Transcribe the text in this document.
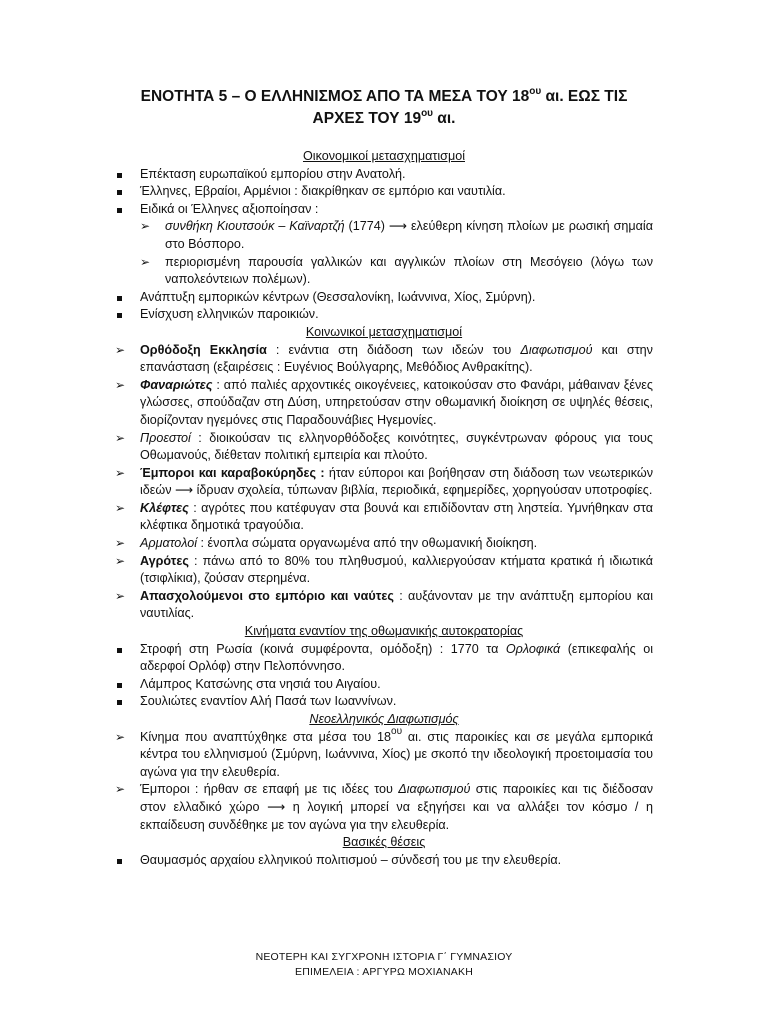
ΕΝΟΤΗΤΑ 5 – Ο ΕΛΛΗΝΙΣΜΟΣ ΑΠΟ ΤΑ ΜΕΣΑ ΤΟΥ $18^{o\upsilon}$ αι. ΕΩΣ ΤΙΣ
ΑΡΧΕΣ ΤΟΥ $19^{o\upsilon}$ αι.
Οικονομικοί μετασχηματισμοί
Επέκταση ευρωπαϊκού εμπορίου στην Ανατολή.
Έλληνες, Εβραίοι, Αρμένιοι : διακρίθηκαν σε εμπόριο και ναυτιλία.
Ειδικά οι Έλληνες αξιοποίησαν :
➢	συνθήκη Κιουτσούκ – Καϊναρτζή (1774) ⟶ ελεύθερη κίνηση πλοίων με ρωσική σημαία στο Βόσπορο.
➢	περιορισμένη παρουσία γαλλικών και αγγλικών πλοίων στη Μεσόγειο (λόγω των ναπολεόντειων πολέμων).
Ανάπτυξη εμπορικών κέντρων (Θεσσαλονίκη, Ιωάννινα, Χίος, Σμύρνη).
Ενίσχυση ελληνικών παροικιών.
Κοινωνικοί μετασχηματισμοί
➢	Ορθόδοξη Εκκλησία : ενάντια στη διάδοση των ιδεών του Διαφωτισμού και στην επανάσταση (εξαιρέσεις : Ευγένιος Βούλγαρης, Μεθόδιος Ανθρακίτης).
➢	Φαναριώτες : από παλιές αρχοντικές οικογένειες, κατοικούσαν στο Φανάρι, μάθαιναν ξένες γλώσσες, σπούδαζαν στη Δύση, υπηρετούσαν στην οθωμανική διοίκηση σε υψηλές θέσεις, διορίζονταν ηγεμόνες στις Παραδουνάβιες Ηγεμονίες.
➢	Προεστοί : διοικούσαν τις ελληνορθόδοξες κοινότητες, συγκέντρωναν φόρους για τους Οθωμανούς, διέθεταν πολιτική εμπειρία και πλούτο.
➢	Έμποροι και καραβοκύρηδες : ήταν εύποροι και βοήθησαν στη διάδοση των νεωτερικών ιδεών ⟶ ίδρυαν σχολεία, τύπωναν βιβλία, περιοδικά, εφημερίδες, χορηγούσαν υποτροφίες.
➢	Κλέφτες : αγρότες που κατέφυγαν στα βουνά και επιδίδονταν στη ληστεία. Υμνήθηκαν στα κλέφτικα δημοτικά τραγούδια.
➢	Αρματολοί : ένοπλα σώματα οργανωμένα από την οθωμανική διοίκηση.
➢	Αγρότες : πάνω από το 80% του πληθυσμού, καλλιεργούσαν κτήματα κρατικά ή ιδιωτικά (τσιφλίκια), ζούσαν στερημένα.
➢	Απασχολούμενοι στο εμπόριο και ναύτες : αυξάνονταν με την ανάπτυξη εμπορίου και ναυτιλίας.
Κινήματα εναντίον της οθωμανικής αυτοκρατορίας
Στροφή στη Ρωσία (κοινά συμφέροντα, ομόδοξη) : 1770 τα Ορλοφικά (επικεφαλής οι αδερφοί Ορλόφ) στην Πελοπόννησο.
Λάμπρος Κατσώνης στα νησιά του Αιγαίου.
Σουλιώτες εναντίον Αλή Πασά των Ιωαννίνων.
Νεοελληνικός Διαφωτισμός
➢	Κίνημα που αναπτύχθηκε στα μέσα του $18^{o\upsilon}$ αι. στις παροικίες και σε μεγάλα εμπορικά κέντρα του ελληνισμού (Σμύρνη, Ιωάννινα, Χίος) με σκοπό την ιδεολογική προετοιμασία του αγώνα για την ελευθερία.
➢	Έμποροι : ήρθαν σε επαφή με τις ιδέες του Διαφωτισμού στις παροικίες και τις διέδοσαν στον ελλαδικό χώρο ⟶ η λογική μπορεί να εξηγήσει και να αλλάξει τον κόσμο / η εκπαίδευση συνδέθηκε με τον αγώνα για την ελευθερία.
Βασικές θέσεις
Θαυμασμός αρχαίου ελληνικού πολιτισμού – σύνδεσή του με την ελευθερία.
ΝΕΟΤΕΡΗ ΚΑΙ ΣΥΓΧΡΟΝΗ ΙΣΤΟΡΙΑ Γ΄ ΓΥΜΝΑΣΙΟΥ
ΕΠΙΜΕΛΕΙΑ : ΑΡΓΥΡΩ ΜΟΧΙΑΝΑΚΗ
